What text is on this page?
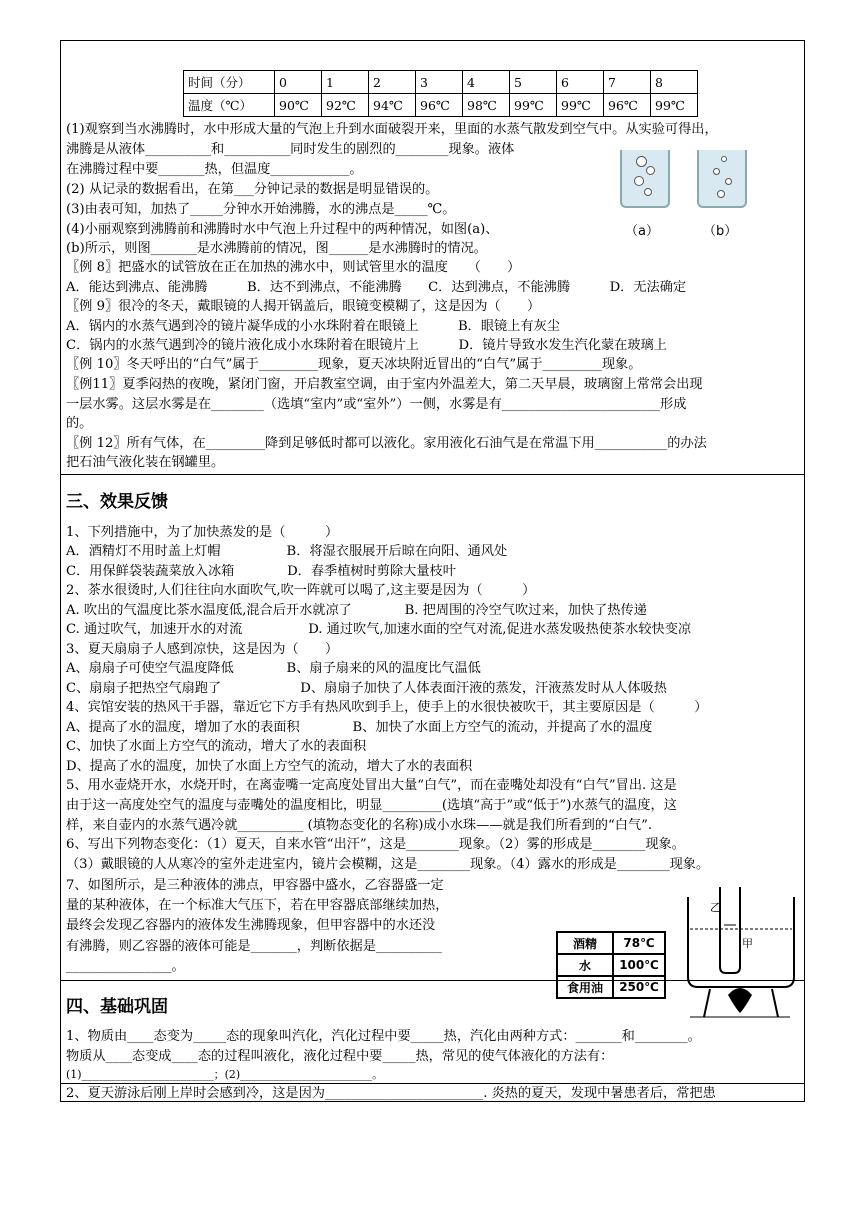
时间（分）	0	1	2	3	4	5	6	7	8
温度（℃）	90℃	92℃	94℃	96℃	98℃	99℃	99℃	96℃	99℃
(1)观察到当水沸腾时，水中形成大量的气泡上升到水面破裂开来，里面的水蒸气散发到空气中。从实验可得出，
沸腾是从液体__________和__________同时发生的剧烈的________现象。液体
在沸腾过程中要_______热，但温度____________。
(2) 从记录的数据看出，在第___分钟记录的数据是明显错误的。
(3)由表可知，加热了_____分钟水开始沸腾，水的沸点是_____℃。
(4)小丽观察到沸腾前和沸腾时水中气泡上升过程中的两种情况，如图(a)、
(b)所示，则图_______是水沸腾前的情况，图______是水沸腾时的情况。
〖例 8〗把盛水的试管放在正在加热的沸水中，则试管里水的温度　　（　　）
A．能达到沸点、能沸腾　　　B．达不到沸点，不能沸腾　　C．达到沸点，不能沸腾　　　D．无法确定
〖例 9〗很冷的冬天，戴眼镜的人揭开锅盖后，眼镜变模糊了，这是因为（　　）
A．锅内的水蒸气遇到冷的镜片凝华成的小水珠附着在眼镜上　　　B．眼镜上有灰尘
C．锅内的水蒸气遇到冷的镜片液化成小水珠附着在眼镜片上　　　D．镜片导致水发生汽化蒙在玻璃上
〖例 10〗冬天呼出的“白气”属于_________现象，夏天冰块附近冒出的“白气”属于_________现象。
〖例11〗夏季闷热的夜晚，紧闭门窗，开启教室空调，由于室内外温差大，第二天早晨，玻璃窗上常常会出现
一层水雾。这层水雾是在________（选填“室内”或“室外”）一侧，水雾是有________________________形成
的。
〖例 12〗所有气体，在_________降到足够低时都可以液化。家用液化石油气是在常温下用___________的办法
把石油气液化装在钢罐里。
（a）	（b）
三、效果反馈
1、下列措施中，为了加快蒸发的是（　　　）
A．酒精灯不用时盖上灯帽　　　　　B．将湿衣服展开后晾在向阳、通风处
C．用保鲜袋装蔬菜放入冰箱　　　　D．春季植树时剪除大量枝叶
2、茶水很烫时,人们往往向水面吹气,吹一阵就可以喝了,这主要是因为（　　　）
A. 吹出的气温度比茶水温度低,混合后开水就凉了　　　　B. 把周围的冷空气吹过来，加快了热传递
C. 通过吹气，加速开水的对流　　　　　D. 通过吹气,加速水面的空气对流,促进水蒸发吸热使茶水较快变凉
3、夏天扇扇子人感到凉快，这是因为（　　）
A、扇扇子可使空气温度降低　　　　B、扇子扇来的风的温度比气温低
C、扇扇子把热空气扇跑了　　　　　　D、扇扇子加快了人体表面汗液的蒸发，汗液蒸发时从人体吸热
4、宾馆安装的热风干手器，靠近它下方手有热风吹到手上，使手上的水很快被吹干，其主要原因是（　　　）
A、提高了水的温度，增加了水的表面积　　　　B、加快了水面上方空气的流动，并提高了水的温度
C、加快了水面上方空气的流动，增大了水的表面积
D、提高了水的温度，加快了水面上方空气的流动，增大了水的表面积
5、用水壶烧开水，水烧开时，在离壶嘴一定高度处冒出大量“白气”，而在壶嘴处却没有“白气”冒出. 这是
由于这一高度处空气的温度与壶嘴处的温度相比，明显_________(选填“高于”或“低于”)水蒸气的温度，这
样，来自壶内的水蒸气遇冷就__________ (填物态变化的名称)成小水珠——就是我们所看到的“白气”.
6、写出下列物态变化：（1）夏天，自来水管“出汗”，这是________现象。（2）雾的形成是________现象。
（3）戴眼镜的人从寒冷的室外走进室内，镜片会模糊，这是________现象。（4）露水的形成是________现象。
7、如图所示，是三种液体的沸点，甲容器中盛水，乙容器盛一定
量的某种液体，在一个标准大气压下，若在甲容器底部继续加热，
最终会发现乙容器内的液体发生沸腾现象，但甲容器中的水还没
有沸腾，则乙容器的液体可能是_______，判断依据是__________
________________。
酒精	78℃
水	100℃
食用油	250℃
乙
甲
四、基础巩固
1、物质由____态变为_____态的现象叫汽化，汽化过程中要_____热，汽化由两种方式：_______和________。
物质从____态变成____态的过程叫液化，液化过程中要_____热，常见的使气体液化的方法有：
(1)________________________；(2)________________________。
2、夏天游泳后刚上岸时会感到冷，这是因为________________________. 炎热的夏天，发现中暑患者后，常把患
